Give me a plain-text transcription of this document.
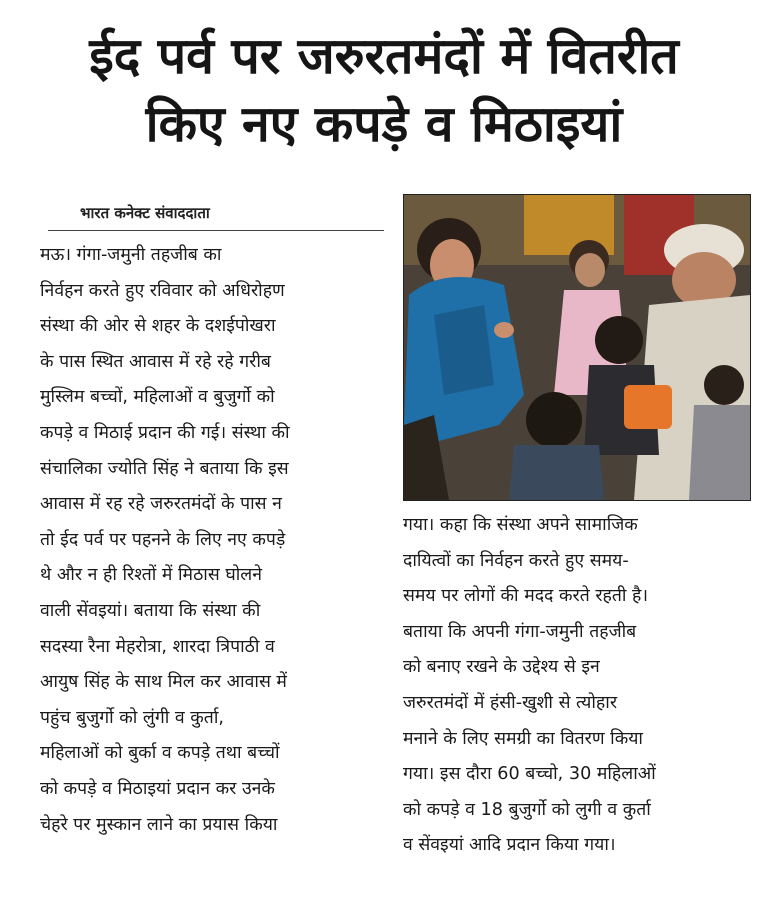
ईद पर्व पर जरुरतमंदों में वितरीत
किए नए कपड़े व मिठाइयां
भारत कनेक्ट संवाददाता
मऊ। गंगा-जमुनी तहजीब का
निर्वहन करते हुए रविवार को अधिरोहण
संस्था की ओर से शहर के दशईपोखरा
के पास स्थित आवास में रहे रहे गरीब
मुस्लिम बच्चों, महिलाओं व बुजुर्गो को
कपड़े व मिठाई प्रदान की गई। संस्था की
संचालिका ज्योति सिंह ने बताया कि इस
आवास में रह रहे जरुरतमंदों के पास न
तो ईद पर्व पर पहनने के लिए नए कपड़े
थे और न ही रिश्तों में मिठास घोलने
वाली सेंवइयां। बताया कि संस्था की
सदस्या रैना मेहरोत्रा, शारदा त्रिपाठी व
आयुष सिंह के साथ मिल कर आवास में
पहुंच बुजुर्गो को लुंगी व कुर्ता,
महिलाओं को बुर्का व कपड़े तथा बच्चों
को कपड़े व मिठाइयां प्रदान कर उनके
चेहरे पर मुस्कान लाने का प्रयास किया
गया। कहा कि संस्था अपने सामाजिक
दायित्वों का निर्वहन करते हुए समय-
समय पर लोगों की मदद करते रहती है।
बताया कि अपनी गंगा-जमुनी तहजीब
को बनाए रखने के उद्देश्य से इन
जरुरतमंदों में हंसी-खुशी से त्योहार
मनाने के लिए समग्री का वितरण किया
गया। इस दौरा 60 बच्चो, 30 महिलाओं
को कपड़े व 18 बुजुर्गो को लुगी व कुर्ता
व सेंवइयां आदि प्रदान किया गया।
